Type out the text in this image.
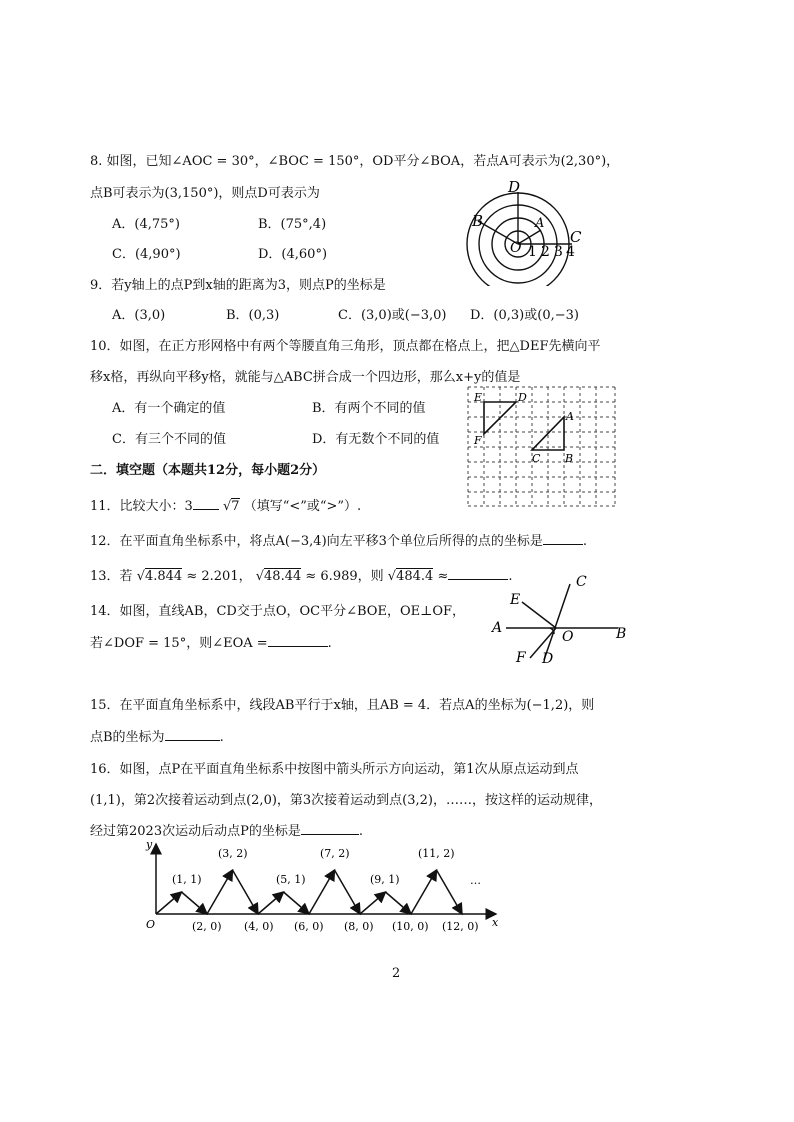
8. 如图，已知∠AOC = 30°，∠BOC = 150°，OD平分∠BOA，若点A可表示为(2,30°)，
点B可表示为(3,150°)，则点D可表示为
A．(4,75°)	B．(75°,4)
C．(4,90°)	D．(4,60°)
D
B	A
C
O 1 2 3 4
9．若y轴上的点P到x轴的距离为3，则点P的坐标是
A．(3,0)	B．(0,3)	C．(3,0)或(−3,0) D．(0,3)或(0,−3)
10．如图，在正方形网格中有两个等腰直角三角形，顶点都在格点上，把△DEF先横向平
移x格，再纵向平移y格，就能与△ABC拼合成一个四边形，那么x+y的值是
A．有一个确定的值	B．有两个不同的值
C．有三个不同的值	D．有无数个不同的值
E	D
F
A
C B
二．填空题（本题共12分，每小题2分）
11．比较大小：3 √7 （填写“<”或“>”）.
12．在平面直角坐标系中，将点A(−3,4)向左平移3个单位后所得的点的坐标是	.
13．若 √4.844 ≈ 2.201， √48.44 ≈ 6.989，则 √484.4 ≈	.
14．如图，直线AB，CD交于点O，OC平分∠BOE，OE⊥OF，
若∠DOF = 15°，则∠EOA =	.
C
E
A
O	B
F D
15．在平面直角坐标系中，线段AB平行于x轴，且AB = 4．若点A的坐标为(−1,2)，则
点B的坐标为	.
16．如图，点P在平面直角坐标系中按图中箭头所示方向运动，第1次从原点运动到点
(1,1)，第2次接着运动到点(2,0)，第3次接着运动到点(3,2)，……，按这样的运动规律，
经过第2023次运动后动点P的坐标是	.
y
x
O
…
(1, 1)
(3, 2)
(5, 1)
(7, 2)
(9, 1)
(11, 2)
(2, 0) (4, 0) (6, 0) (8, 0) (10, 0) (12, 0)
2
